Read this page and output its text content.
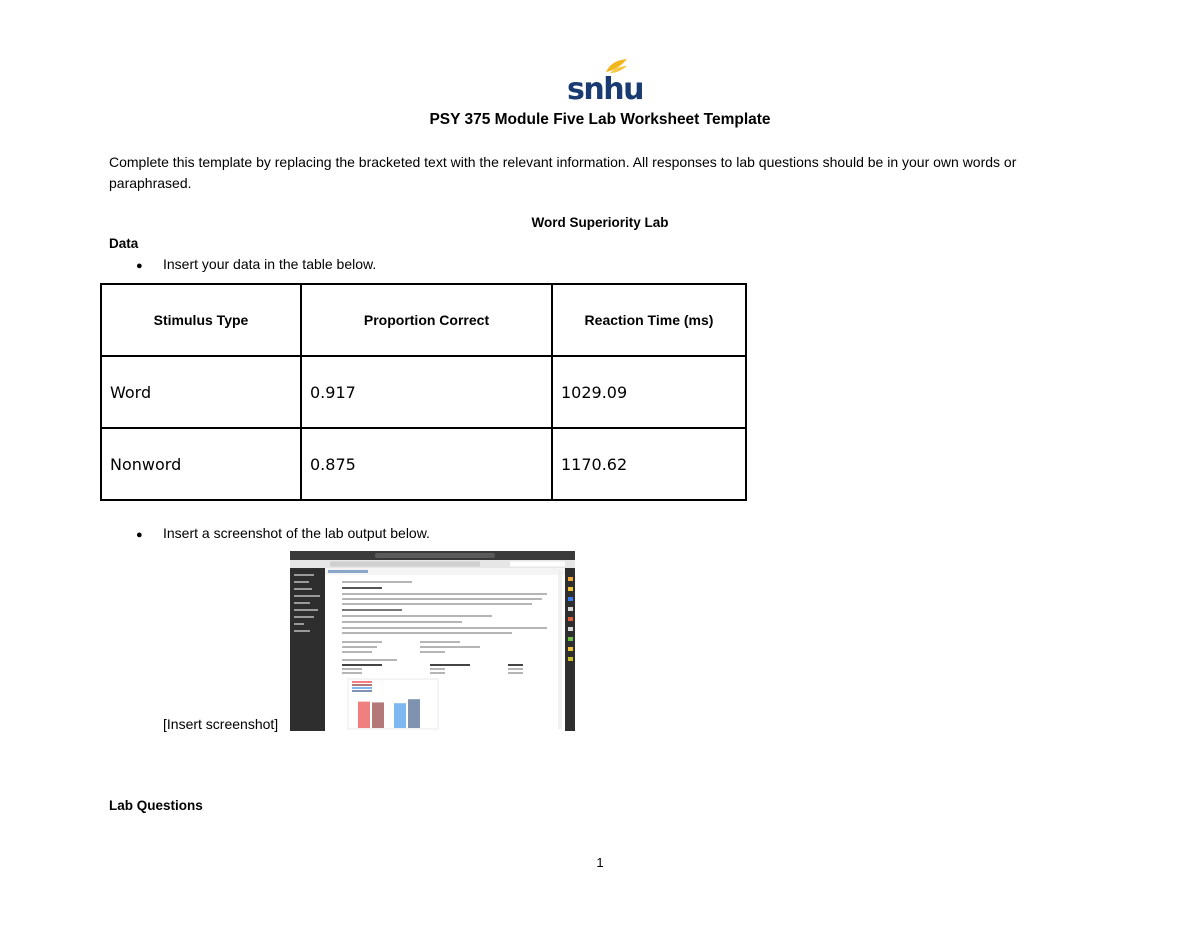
snhu
PSY 375 Module Five Lab Worksheet Template
Complete this template by replacing the bracketed text with the relevant information. All responses to lab questions should be in your own words or paraphrased.
Word Superiority Lab
Data
● Insert your data in the table below.
Stimulus Type	Proportion Correct	Reaction Time (ms)
Word	0.917	1029.09
Nonword	0.875	1170.62
● Insert a screenshot of the lab output below.
[Insert screenshot]
Lab Questions
1
